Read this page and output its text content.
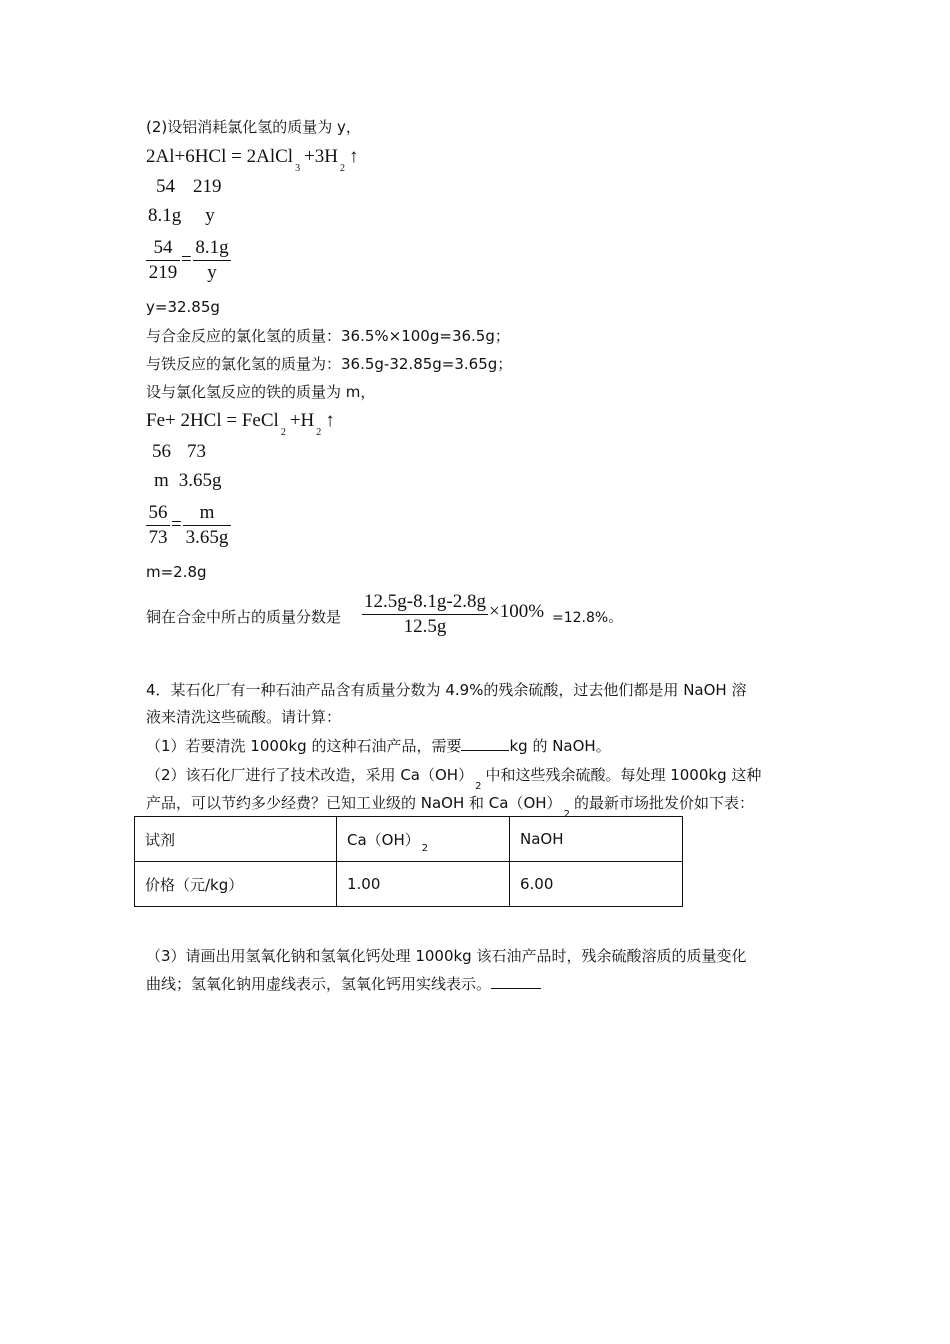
(2)设铝消耗氯化氢的质量为 y，
$2Al+6HCl = 2AlCl_3+3H_2↑$
54 219
8.1g y
54
219
=
8.1g
y
y=32.85g
与合金反应的氯化氢的质量：36.5%×100g=36.5g；
与铁反应的氯化氢的质量为：36.5g-32.85g=3.65g；
设与氯化氢反应的铁的质量为 m，
$Fe+ 2HCl = FeCl_2+H_2↑$
56 73
m 3.65g
56
73
=
m
3.65g
m=2.8g
铜在合金中所占的质量分数是
12.5g-8.1g-2.8g
12.5g
×100% =12.8%。
4．某石化厂有一种石油产品含有质量分数为 4.9%的残余硫酸，过去他们都是用 NaOH 溶
液来清洗这些硫酸。请计算：
（1）若要清洗 1000kg 的这种石油产品，需要	kg 的 NaOH。
（2）该石化厂进行了技术改造，采用 $Ca(OH)_2$中和这些残余硫酸。每处理 1000kg 这种
产品，可以节约多少经费？已知工业级的 NaOH 和 $Ca(OH)_2$的最新市场批发价如下表：
试剂	Ca（OH） $_2$	NaOH
价格（元/kg）	1.00	6.00
（3）请画出用氢氧化钠和氢氧化钙处理 1000kg 该石油产品时，残余硫酸溶质的质量变化
曲线；氢氧化钠用虚线表示，氢氧化钙用实线表示。
